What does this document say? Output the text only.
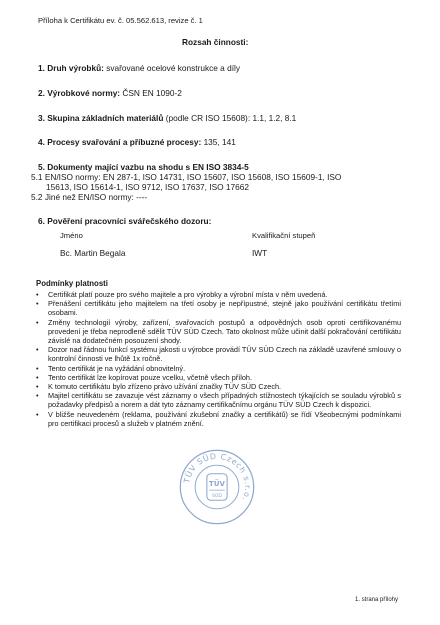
Příloha k Certifikátu ev. č. 05.562.613, revize č. 1
Rozsah činnosti:
1. Druh výrobků: svařované ocelové konstrukce a díly
2. Výrobkové normy: ČSN EN 1090-2
3. Skupina základních materiálů (podle CR ISO 15608): 1.1, 1.2, 8.1
4. Procesy svařování a příbuzné procesy: 135, 141
5. Dokumenty mající vazbu na shodu s EN ISO 3834-5
5.1 EN/ISO normy: EN 287-1, ISO 14731, ISO 15607, ISO 15608, ISO 15609-1, ISO
15613, ISO 15614-1, ISO 9712, ISO 17637, ISO 17662
5.2 Jiné než EN/ISO normy: ----
6. Pověření pracovníci svářečského dozoru:
Jméno	Kvalifikační stupeň
Bc. Martin Begala	IWT
Podmínky platnosti
• Certifikát platí pouze pro svého majitele a pro výrobky a výrobní místa v něm uvedená.
• Přenášení certifikátu jeho majitelem na třetí osoby je nepřípustné, stejně jako používání certifikátu třetími osobami.
• Změny technologií výroby, zařízení, svařovacích postupů a odpovědných osob oproti certifikovanému provedení je třeba neprodleně sdělit TÜV SÜD Czech. Tato okolnost může učinit další pokračování certifikátu závislé na dodatečném posouzení shody.
• Dozor nad řádnou funkcí systému jakosti u výrobce provádí TÜV SÜD Czech na základě uzavřené smlouvy o kontrolní činnosti ve lhůtě 1x ročně.
• Tento certifikát je na vyžádání obnovitelný.
• Tento certifikát lze kopírovat pouze vcelku, včetně všech příloh.
• K tomuto certifikátu bylo zřízeno právo užívání značky TÜV SÜD Czech.
• Majitel certifikátu se zavazuje vést záznamy o všech případných stížnostech týkajících se souladu výrobků s požadavky předpisů a norem a dát tyto záznamy certifikačnímu orgánu TÜV SÜD Czech k dispozici.
• V bližše neuvedeném (reklama, používání zkušební značky a certifikátů) se řídí Všeobecnými podmínkami pro certifikaci procesů a služeb v platném znění.
TÜV SÜD Czech s.r.o.
TÜV
SÜD
1. strana přílohy
